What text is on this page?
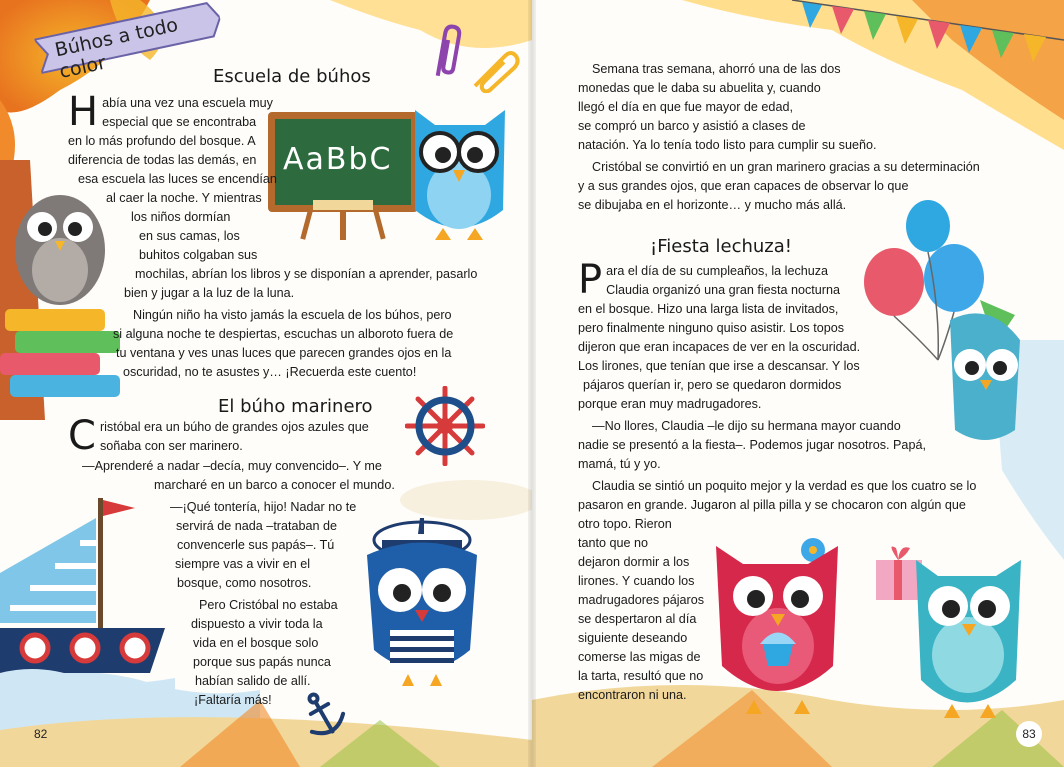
AaBbC
Búhos a todo color	Escuela de búhos
H abía una vez una escuela muy

especial que se encontraba

en lo más profundo del bosque. A

diferencia de todas las demás, en

esa escuela las luces se encendían

al caer la noche. Y mientras

los niños dormían

en sus camas, los

buhitos colgaban sus

mochilas, abrían los libros y se disponían a aprender, pasarlo

bien y jugar a la luz de la luna.

Ningún niño ha visto jamás la escuela de los búhos, pero

si alguna noche te despiertas, escuchas un alboroto fuera de

tu ventana y ves unas luces que parecen grandes ojos en la

oscuridad, no te asustes y… ¡Recuerda este cuento!

El búho marinero
C ristóbal era un búho de grandes ojos azules que

soñaba con ser marinero.

—Aprenderé a nadar –decía, muy convencido–. Y me

marcharé en un barco a conocer el mundo.

—¡Qué tontería, hijo! Nadar no te

servirá de nada –trataban de

convencerle sus papás–. Tú

siempre vas a vivir en el

bosque, como nosotros.

Pero Cristóbal no estaba

dispuesto a vivir toda la

vida en el bosque solo

porque sus papás nunca

habían salido de allí.

¡Faltaría más!

82

Semana tras semana, ahorró una de las dos

monedas que le daba su abuelita y, cuando

llegó el día en que fue mayor de edad,

se compró un barco y asistió a clases de

natación. Ya lo tenía todo listo para cumplir su sueño.

Cristóbal se convirtió en un gran marinero gracias a su determinación

y a sus grandes ojos, que eran capaces de observar lo que

se dibujaba en el horizonte… y mucho más allá.

¡Fiesta lechuza!
P ara el día de su cumpleaños, la lechuza

Claudia organizó una gran fiesta nocturna

en el bosque. Hizo una larga lista de invitados,

pero finalmente ninguno quiso asistir. Los topos

dijeron que eran incapaces de ver en la oscuridad.

Los lirones, que tenían que irse a descansar. Y los

pájaros querían ir, pero se quedaron dormidos

porque eran muy madrugadores.

—No llores, Claudia –le dijo su hermana mayor cuando

nadie se presentó a la fiesta–. Podemos jugar nosotros. Papá,

mamá, tú y yo.

Claudia se sintió un poquito mejor y la verdad es que los cuatro se lo

pasaron en grande. Jugaron al pilla pilla y se chocaron con algún que

otro topo. Rieron

tanto que no

dejaron dormir a los

lirones. Y cuando los

madrugadores pájaros

se despertaron al día

siguiente deseando

comerse las migas de

la tarta, resultó que no

encontraron ni una.

83
